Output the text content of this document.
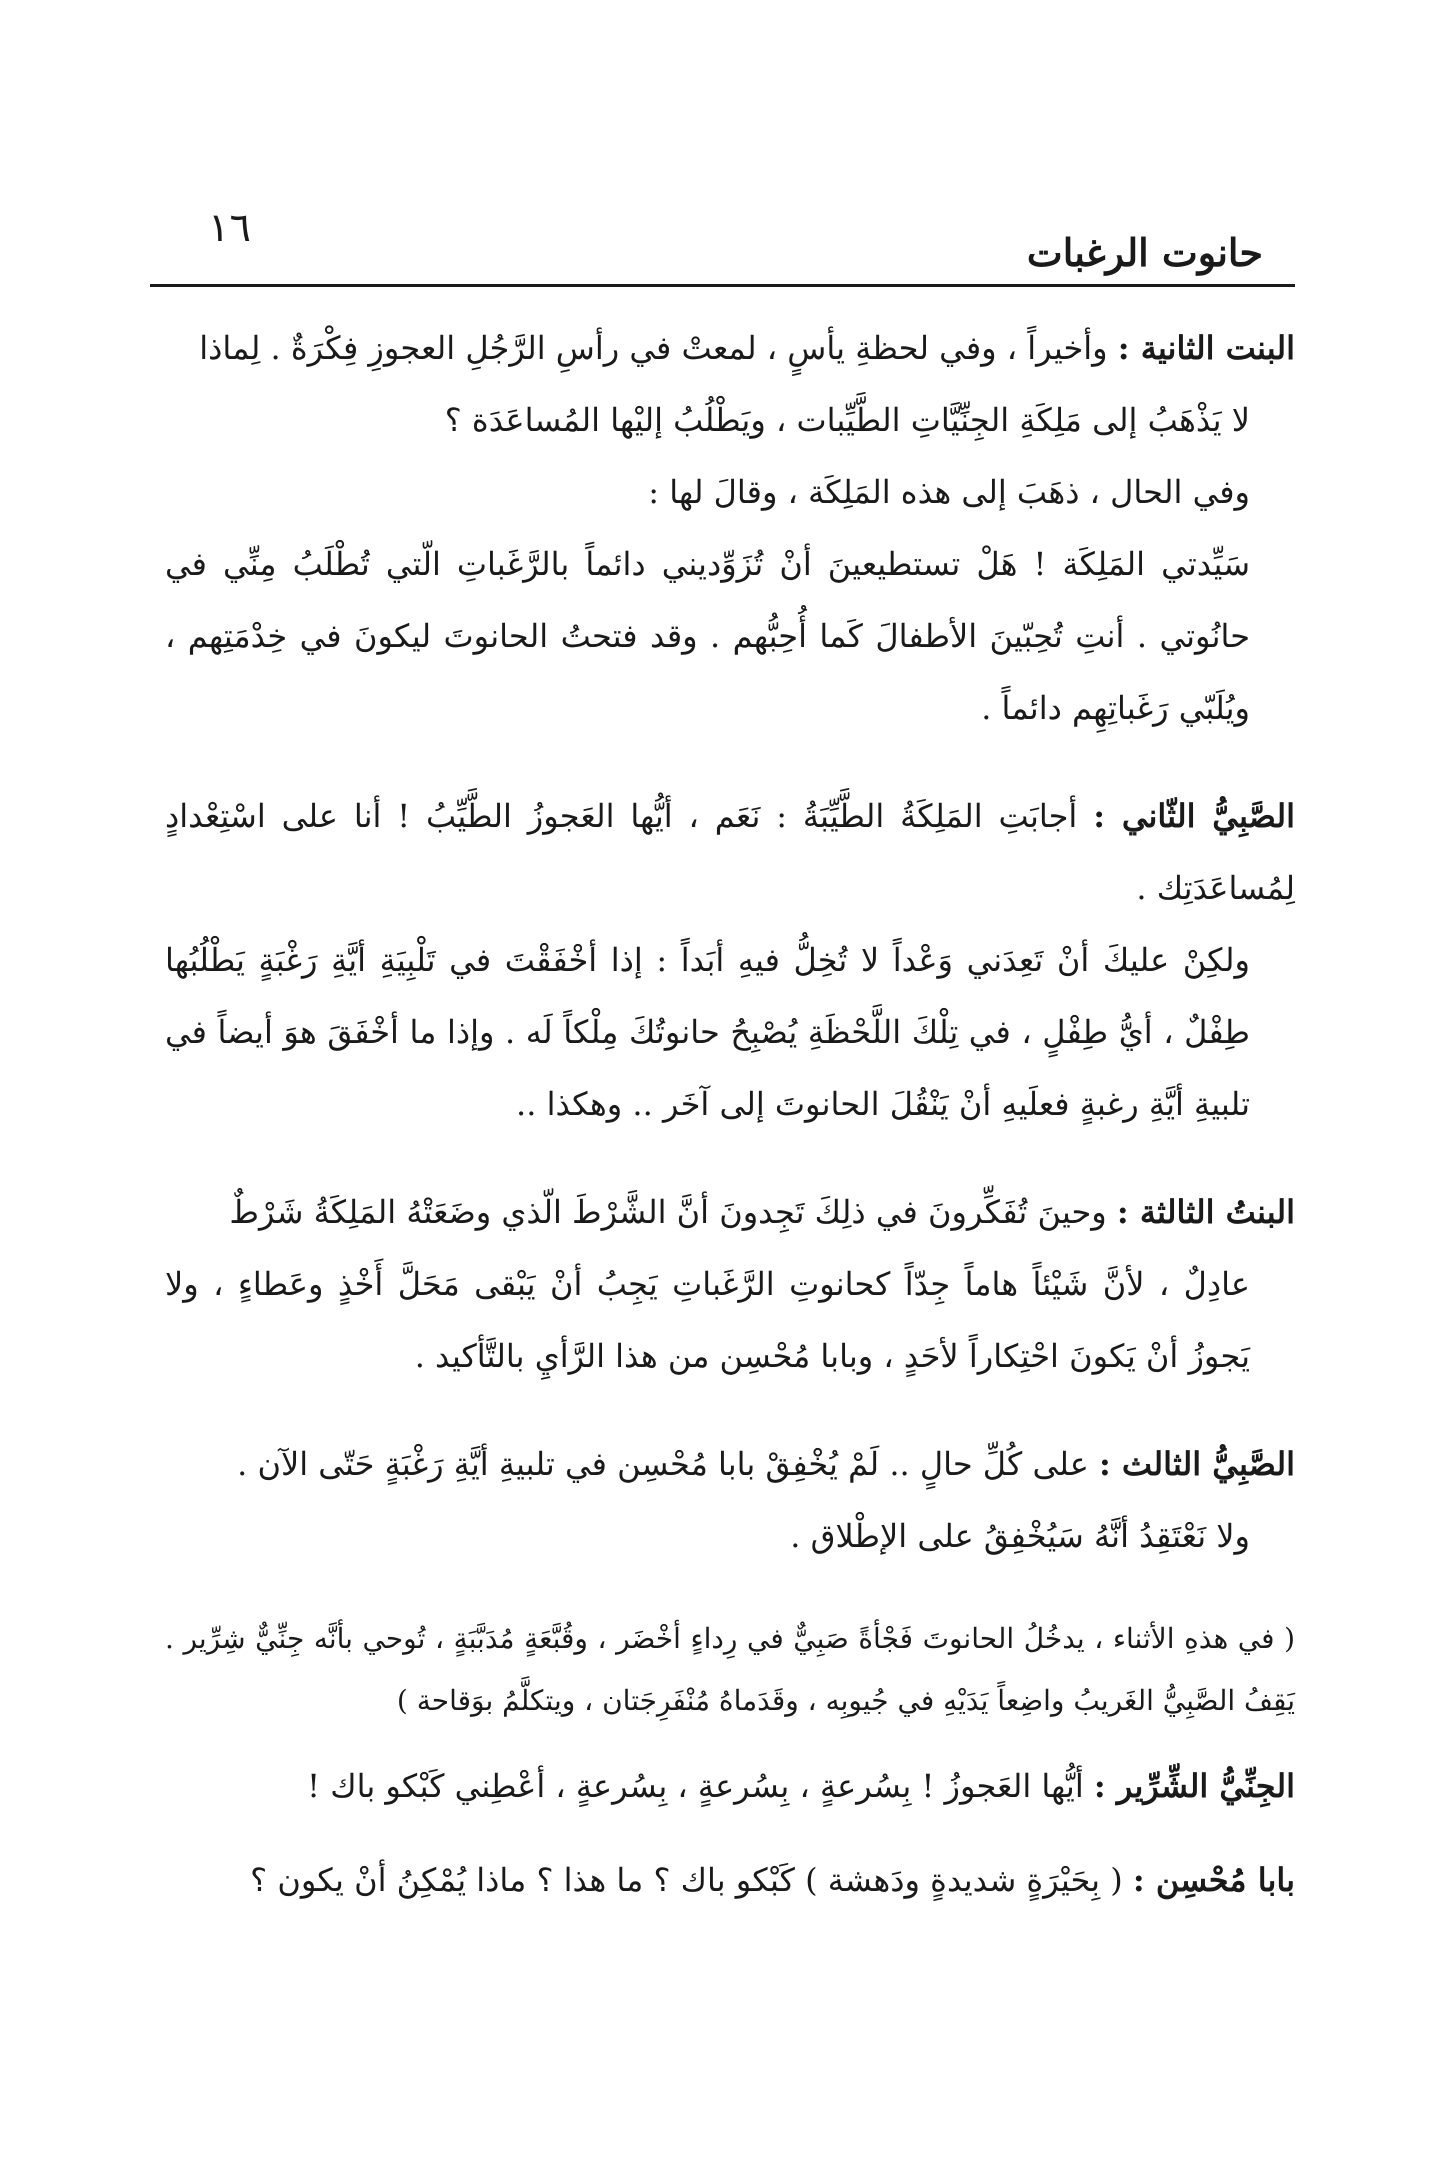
١٦
حانوت الرغبات

البنت الثانية : وأخيراً ، وفي لحظةِ يأسٍ ، لمعتْ في رأسِ الرَّجُلِ العجوزِ فِكْرَةٌ . لِماذا
لا يَذْهَبُ إلى مَلِكَةِ الجِنِّيَّاتِ الطَّيِّبات ، ويَطْلُبُ إليْها المُساعَدَة ؟
وفي الحال ، ذهَبَ إلى هذه المَلِكَة ، وقالَ لها :
سَيِّدتي المَلِكَة ! هَلْ تستطيعينَ أنْ تُزَوِّديني دائماً بالرَّغَباتِ الّتي تُطْلَبُ مِنِّي في حانُوتي . أنتِ تُحِبّينَ الأطفالَ كَما أُحِبُّهم . وقد فتحتُ الحانوتَ ليكونَ في خِدْمَتِهم ، ويُلَبّي رَغَباتِهِم دائماً .

الصَّبِيُّ الثّاني : أجابَتِ المَلِكَةُ الطَّيِّبَةُ : نَعَم ، أيُّها العَجوزُ الطَّيِّبُ ! أنا على اسْتِعْدادٍ لِمُساعَدَتِك .
ولكِنْ عليكَ أنْ تَعِدَني وَعْداً لا تُخِلُّ فيهِ أبَداً : إذا أخْفَقْتَ في تَلْبِيَةِ أيَّةِ رَغْبَةٍ يَطْلُبُها طِفْلٌ ، أيُّ طِفْلٍ ، في تِلْكَ اللَّحْظَةِ يُصْبِحُ حانوتُكَ مِلْكاً لَه . وإذا ما أخْفَقَ هوَ أيضاً في تلبيةِ أيَّةِ رغبةٍ فعلَيهِ أنْ يَنْقُلَ الحانوتَ إلى آخَر .. وهكذا ..

البنتُ الثالثة : وحينَ تُفَكِّرونَ في ذلِكَ تَجِدونَ أنَّ الشَّرْطَ الّذي وضَعَتْهُ المَلِكَةُ شَرْطٌ
عادِلٌ ، لأنَّ شَيْئاً هاماً جِدّاً كحانوتِ الرَّغَباتِ يَجِبُ أنْ يَبْقى مَحَلَّ أَخْذٍ وعَطاءٍ ، ولا يَجوزُ أنْ يَكونَ احْتِكاراً لأحَدٍ ، وبابا مُحْسِن من هذا الرَّأيِ بالتَّأكيد .

الصَّبِيُّ الثالث : على كُلِّ حالٍ .. لَمْ يُخْفِقْ بابا مُحْسِن في تلبيةِ أيَّةِ رَغْبَةٍ حَتّى الآن .
ولا نَعْتَقِدُ أنَّهُ سَيُخْفِقُ على الإطْلاق .

( في هذهِ الأثناء ، يدخُلُ الحانوتَ فَجْأةً صَبِيٌّ في رِداءٍ أخْضَر ، وقُبَّعَةٍ مُدَبَّبَةٍ ، تُوحي بأنَّه جِنِّيٌّ شِرِّير . يَقِفُ الصَّبِيُّ الغَريبُ واضِعاً يَدَيْهِ في جُيوبِه ، وقَدَماهُ مُنْفَرِجَتان ، ويتكلَّمُ بوَقاحة )

الجِنِّيُّ الشِّرِّير : أيُّها العَجوزُ ! بِسُرعةٍ ، بِسُرعةٍ ، بِسُرعةٍ ، أعْطِني كَبْكو باك !

بابا مُحْسِن : ( بِحَيْرَةٍ شديدةٍ ودَهشة ) كَبْكو باك ؟ ما هذا ؟ ماذا يُمْكِنُ أنْ يكون ؟
